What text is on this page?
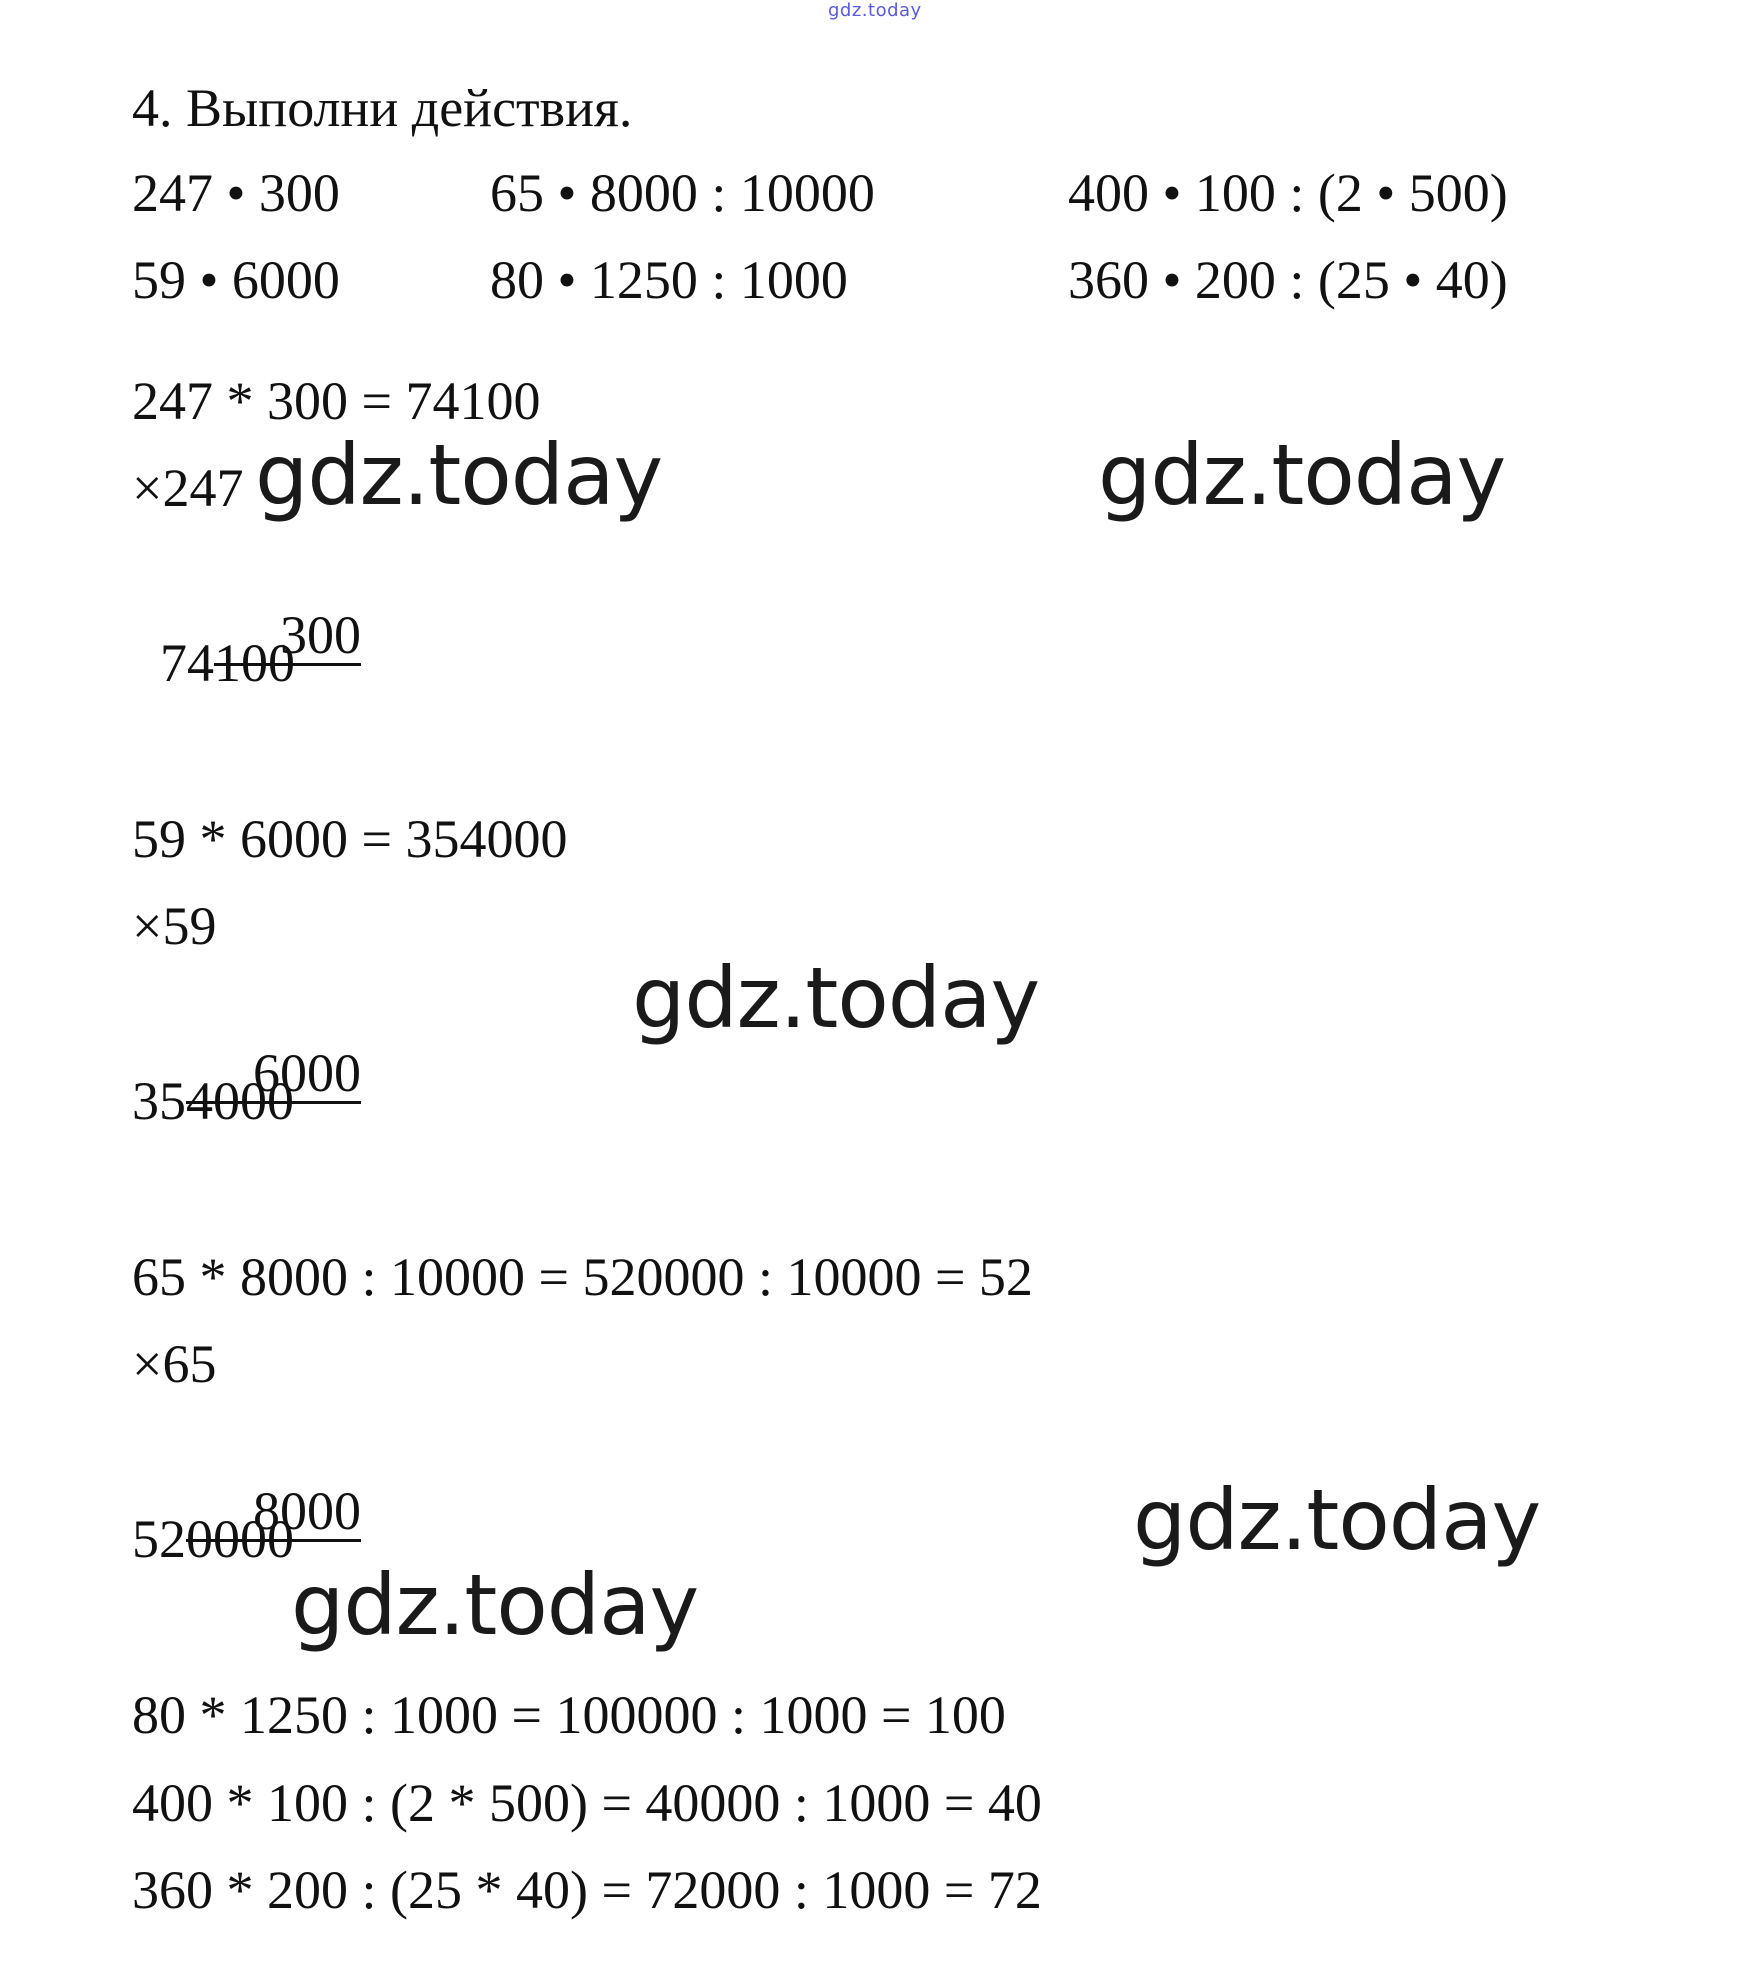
gdz.today
4. Выполни действия.
247 • 300	65 • 8000 : 10000	400 • 100 : (2 • 500)
59 • 6000	80 • 1250 : 1000	360 • 200 : (25 • 40)
247 * 300 = 74100
×247

300

74100
59 * 6000 = 354000
×59

6000

354000
65 * 8000 : 10000 = 520000 : 10000 = 52
×65

8000

520000
80 * 1250 : 1000 = 100000 : 1000 = 100
400 * 100 : (2 * 500) = 40000 : 1000 = 40
360 * 200 : (25 * 40) = 72000 : 1000 = 72
gdz.today	gdz.today
gdz.today
gdz.today
gdz.today
